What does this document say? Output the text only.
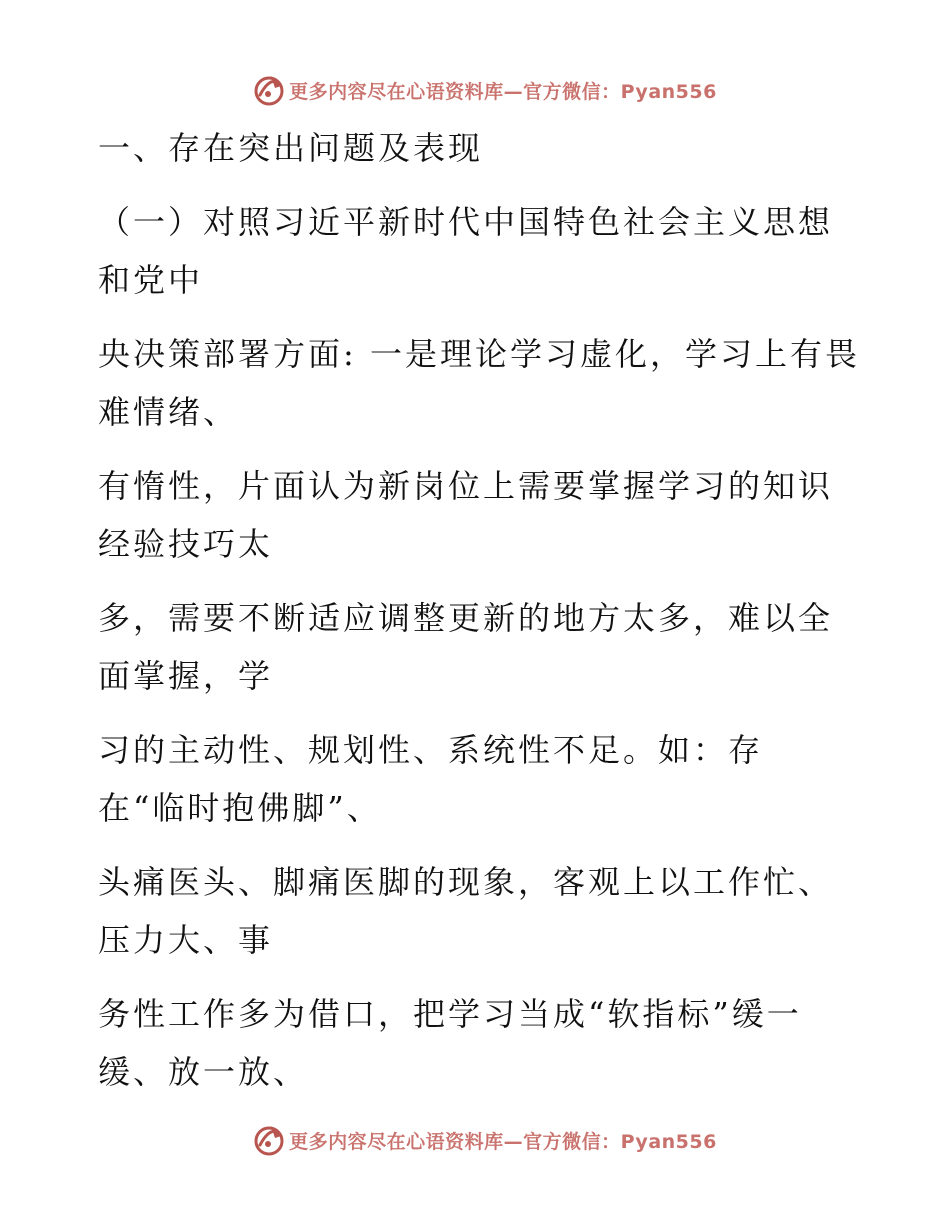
更多内容尽在心语资料库—官方微信：Pyan556
一、存在突出问题及表现
（一）对照习近平新时代中国特色社会主义思想
和党中
央决策部署方面: 一是理论学习虚化，学习上有畏
难情绪、
有惰性，片面认为新岗位上需要掌握学习的知识
经验技巧太
多，需要不断适应调整更新的地方太多，难以全
面掌握，学
习的主动性、规划性、系统性不足。如：存
在“临时抱佛脚”、
头痛医头、脚痛医脚的现象，客观上以工作忙、
压力大、事
务性工作多为借口，把学习当成“软指标”缓一
缓、放一放、
更多内容尽在心语资料库—官方微信：Pyan556
